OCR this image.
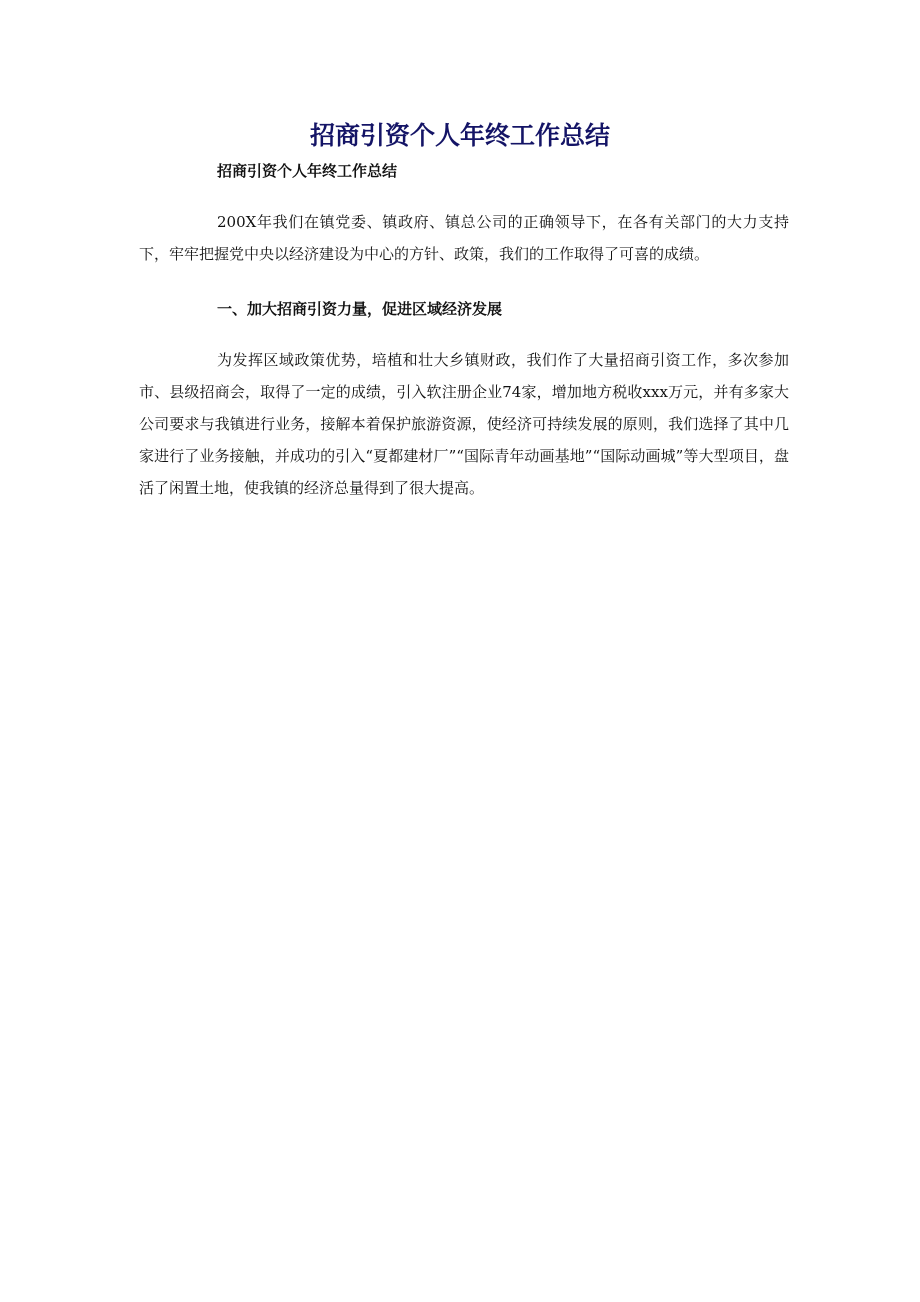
招商引资个人年终工作总结

招商引资个人年终工作总结

200X年我们在镇党委、镇政府、镇总公司的正确领导下，在各有关部门的大力支持下，牢牢把握党中央以经济建设为中心的方针、政策，我们的工作取得了可喜的成绩。

一、加大招商引资力量，促进区域经济发展

为发挥区域政策优势，培植和壮大乡镇财政，我们作了大量招商引资工作，多次参加市、县级招商会，取得了一定的成绩，引入软注册企业74家，增加地方税收xxx万元，并有多家大公司要求与我镇进行业务，接解本着保护旅游资源，使经济可持续发展的原则，我们选择了其中几家进行了业务接触，并成功的引入“夏都建材厂”“国际青年动画基地”“国际动画城”等大型项目，盘活了闲置土地，使我镇的经济总量得到了很大提高。
